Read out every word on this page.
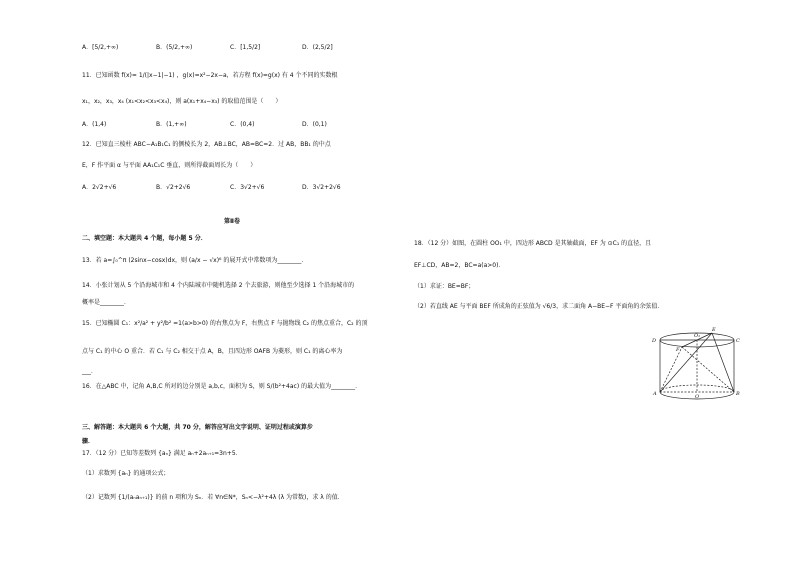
A．[5/2,+∞)	B．(5/2,+∞)	C．[1,5/2]	D．(2,5/2]
11．已知函数 f(x)= 1/(|x−1|−1) ，g(x)=x²−2x−a，若方程 f(x)=g(x) 有 4 个不同的实数根
x₁，x₂，x₃，x₄ (x₁<x₂<x₃<x₄)，则 a(x₁+x₄−x₃) 的取值范围是（　　）
A．(1,4)	B．(1,+∞)	C．(0,4)	D．(0,1)
12．已知直三棱柱 ABC−A₁B₁C₁ 的侧棱长为 2，AB⊥BC，AB=BC=2．过 AB，BB₁ 的中点
E，F 作平面 α 与平面 AA₁C₁C 垂直，则所得截面周长为（　　）
A．2√2+√6	B．√2+2√6	C．3√2+√6	D．3√2+2√6
第Ⅱ卷
二、填空题：本大题共 4 个题，每小题 5 分．
13．若 a=∫₀^π (2sinx−cosx)dx，则 (a/x − √x)⁶ 的展开式中常数项为________．
14．小张计划从 5 个沿海城市和 4 个内陆城市中随机选择 2 个去旅游，则他至少选择 1 个沿海城市的
概率是________．
15．已知椭圆 C₁：x²/a² + y²/b² =1(a>b>0) 的右焦点为 F，右焦点 F 与抛物线 C₂ 的焦点重合，C₂ 的顶
点与 C₁ 的中心 O 重合．若 C₁ 与 C₂ 相交于点 A，B，且四边形 OAFB 为菱形，则 C₁ 的离心率为
___．
16．在△ABC 中，记角 A,B,C 所对的边分别是 a,b,c，面积为 S，则 S/(b²+4ac) 的最大值为________．
三、解答题：本大题共 6 个大题，共 70 分，解答应写出文字说明、证明过程或演算步
骤．
17．（12 分）已知等差数列 {aₙ} 满足 aₙ+2aₙ₊₁=3n+5．
（1）求数列 {aₙ} 的通项公式；
（2）记数列 {1/(aₙaₙ₊₁)} 的前 n 项和为 Sₙ．若 ∀n∈N*，Sₙ<−λ²+4λ (λ 为常数)，求 λ 的值．
18．（12 分）如图，在圆柱 OO₁ 中，四边形 ABCD 是其轴截面，EF 为 ⊙C₁ 的直径，且
EF⊥CD，AB=2，BC=a(a>0)．
（1）求证：BE=BF；
（2）若直线 AE 与平面 BEF 所成角的正弦值为 √6/3，求二面角 A−BE−F 平面角的余弦值．
D	C
E
F
O₁
A	B
O
